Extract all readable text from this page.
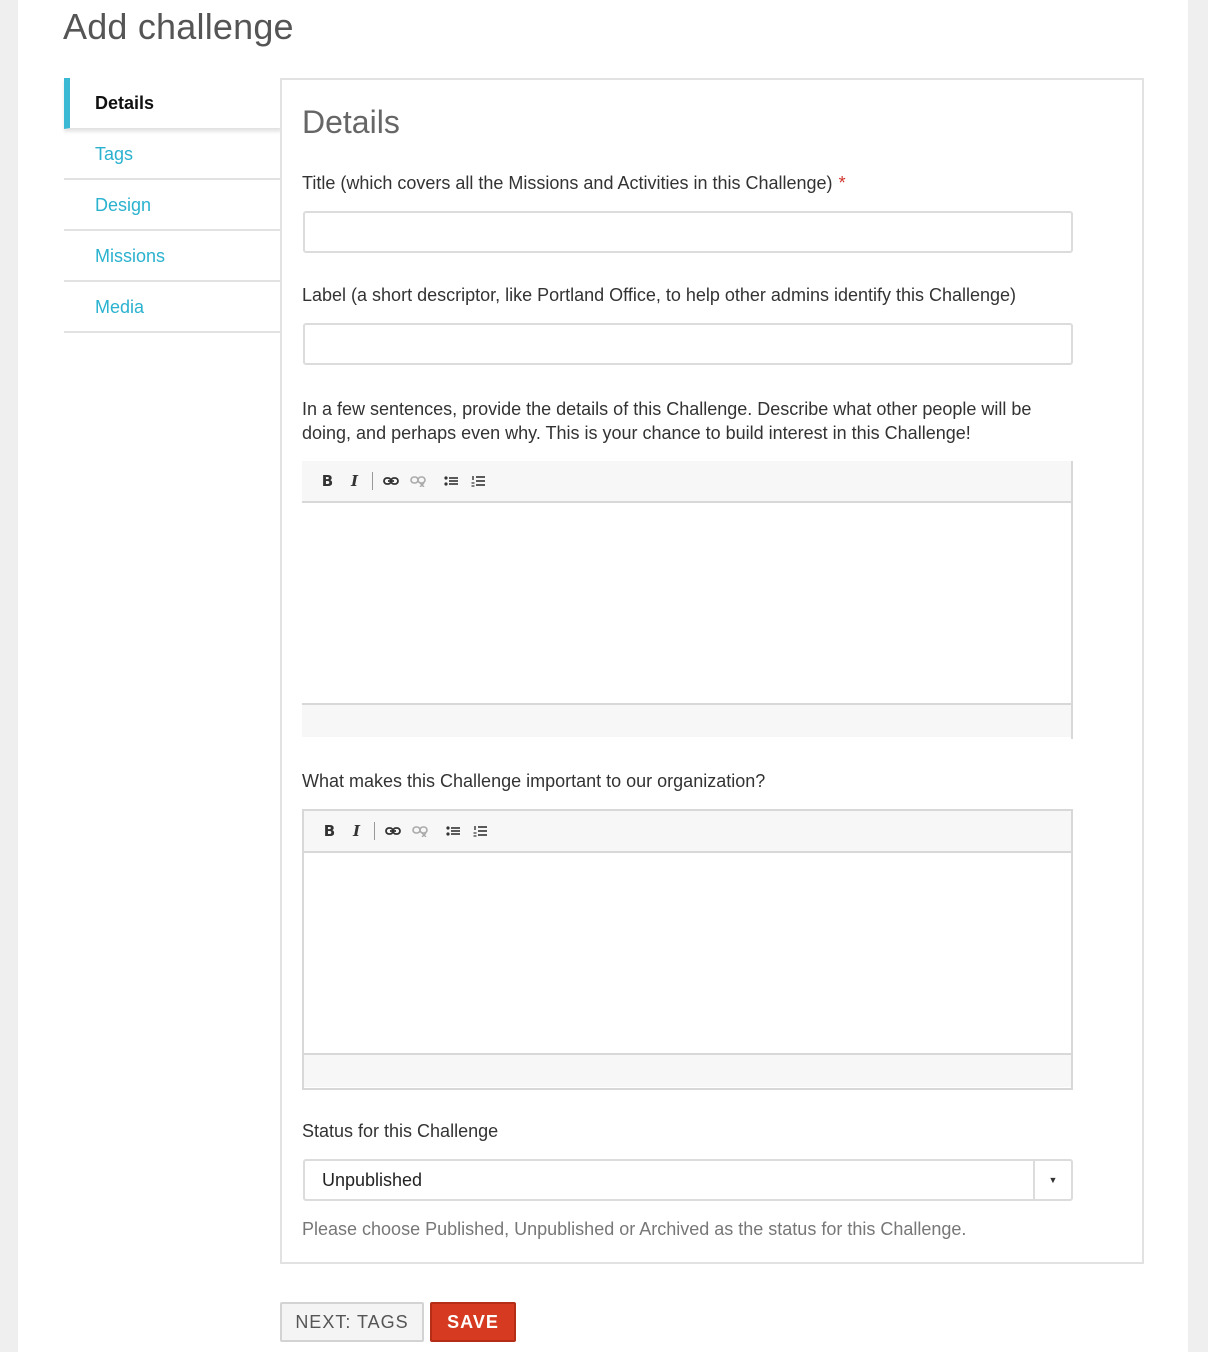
Add challenge
Details
Tags
Design
Missions
Media
Details
Title (which covers all the Missions and Activities in this Challenge) *
Label (a short descriptor, like Portland Office, to help other admins identify this Challenge)
In a few sentences, provide the details of this Challenge. Describe what other people will be doing, and perhaps even why. This is your chance to build interest in this Challenge!
B	I
What makes this Challenge important to our organization?
B	I
Status for this Challenge
Unpublished	▼
Please choose Published, Unpublished or Archived as the status for this Challenge.
NEXT: TAGS	SAVE
